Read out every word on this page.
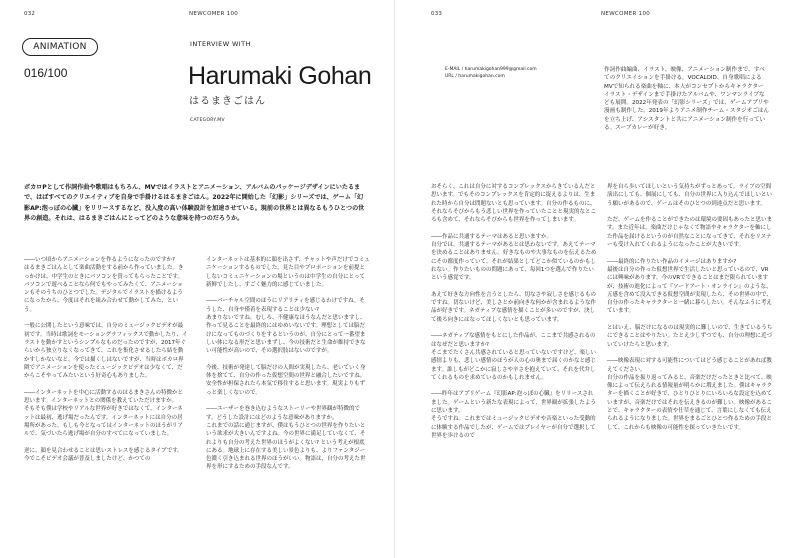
032	NEWCOMER 100
ANIMATION
016/100
INTERVIEW WITH
Harumaki Gohan
はるまきごはん
CATEGORY.MV

ボカロPとして作詞作曲や歌唱はもちろん、MVではイラストとアニメーション、アルバムのパッケージデザインにいたるまで、はばすべてのクリエイティブを自身で手掛けるはるまきごはん。2022年に開始した「幻影」シリーズでは、ゲーム「幻影AP:泡っぽの心臓」をリリースするなど、没入度の高い体験設計を加速させている。現前の世界とは異なるもうひとつの世界の創造。それは、はるまきごはんにとってどのような意味を持つのだろうか。

――いつ頃からアニメーションを作るようになったのですか?

はるまきごはんとして楽曲活動をする前から作っていました。きっかけは、中学生のときにパソコンを買ってもらったことです。パソコンで遊べることなら何でもやってみたくて、アニメーションもそのうちのひとつでした。デジタルでイラストを描けるようになったから、今度はそれを組み合わせて動かしてみた、という。

一般に公開したという意味では、自分のミュージックビデオが最初です。当時は歌詞をモーショングラフィックスで動かしたり、イラストを動かすというシンプルなものだったのですが、2017年ぐらいから独立りなくなってきて、これを集化させるしたら結を動かすしかないなと。今では描くしはないですが、当時はボカロ界隈でアニメーションを使ったミュージックビデオは少なくて、だからこそやってみたいという好奇心もありました。

――インターネットを中心に活動するのはるまきさんの特徴かと思います。インターネットとの関係を教えていただけますか。

そもそも僕は学校やリアルな世界が好きではなくて、インターネットは最初、逃げ場だったんです。インターネットには自分の居場所があった。もしも今となってはインターネットのほうがリアルで、気づいたら逃げ場が自分のすべてになっていました。

逆に、顔を見合わせることは思いストレスを感じるタイプです。今でこそビデオ会議が普及しましたけど、かつての

インターネットは基本的に顔を出さず、チャットや声だけでコミュニケーションするものでした。見た目やプロポーションを前提としないコミュニケーションの場というのは中学生の自分にとって新鮮でしたし、すごく魅力的に感じていました。

――バーチャル空間のほうにリアリティを感じるわけですね。そうした、自身や僅着を表現することは少ない?

あまりないですね。むしろ、不健康なほうなんだと思いますし、作って見ることを最終的にはゆめいないです。理想としては脳だけになってものづくりをするというのが、自分にとって一番望ましい体になる形だと思いまずし、今の技術だと生命が維持できない可能性が高いので、その選択肢はないのですが。

今後、技術が発達して脳だけの人間が実現したら、老いていく身体を捨てて、自分の作った仮想空間の世界と融合したいですね。安全性が担保されたら本気で移住すると思います。現実よりもずっと楽しくないので。

――ユーザーを巻き込むようなストーリーや世界観が特徴的です。どうした設計にはどのような意味がありますか。

これまでの話に通じますが、僕はもうひとつの世界を作りたいという欲求が大きいんですよね。今の世界に満足していなくて、それよりも自分の考えた世界のほうがよくない? という考えが根底にある。地球上に存在する美しい景色よりも、よりファンタジー色濃く引き込まれる世界のほうがいい。物語は、自分の考えた世界を形にするための手段なんです。

033	NEWCOMER 100
E-MAIL / harumakigohan999@gmail.com
URL / harumakigohan.com

作詞作曲編曲、イラスト、映像、アニメーション制作まで、すべてのクリエイションを手掛ける。VOCALOID、自身歌唱による MVで知られる楽曲を軸に、本人がコンセプトからキャラクターイラスト・デザインまで手掛けたアルバムや、ワンマンライブなども展開。2022年発表の「幻影シリーズ」では、ゲームアプリや漫画も制作した。2019年よりアニメ制作チーム・スタジオごはんを立ち上げ、アシスタントと共にアニメーション制作を行っている。スーブカレーが好き。

おそらく、これは自分に対するコンプレックスからきているんだと思います。でもそのコンプレックスを肯定的に捉えるよりは、生まれた時から自分は問題ないとも思っています。自分の作るものに、それならそびからもう悲しい世界を作っていたことと現実的なところも含めて、それならそびからも世界を作ってしまいます。

――作品に共通するテーマはあると思いますか。

自分では、共通するテーマがあるとは思わないです。あえてテーマを決めることはありません。好きなものや大事なものを伝えるためにその都度作っていて、それが結果としてどこか似ているのかもしれない。作りたいものの問題にあって、毎回1つを選んで作りたいという感覚です。

あえて好きな方向性を言うとしたら、切なさや寂しさを感じるものですね。切ないけど、美しさとか前向きな何かが含まれるような作品が好きです。ネガティブな感情を描くことが多いのですが、決して後ろ向きにはなってほしくないとも思っています。

――ネガティブな感情をもとにした作品が、ここまで共感されるのはなぜだと思いますか?

そこまでたくさん共感されていると思っていないですけど、楽しい感情よりも、悲しい感情のほうが人の心の奥まで届くのかなと感じます。誰しもがどこかに寂しさや辛さを抱えていて、それを代弁してくれるものを求めているのかもしれません。

――昨年はアプリゲーム『幻影AP:泡っぽの心臓』をリリースされました。ゲームという新たな表現によって、世界観が拡張したように思います。

そうですね。これまではミュージックビデオや音楽といった受動的に体験する作品でしたが、ゲームではプレイヤーが自分で選択して世界を歩けるので

界を自ら歩いてほしいという気持ちがずっとあって。ライブの空間演出にしても、個展にしても、自分の世界に入り込んでほしいという願いがあるので、ゲームはそのひとつの到達点だと思います。

ただ、ゲームを作ることができたのは環境の要因もあったと思います。また近年は、楽曲だけじゃなくて物語やキャラクターを軸にした作品を届けるというのが自然なことになってきて、それをリスナーも受け入れてくれるようになったことが大きいです。

――最終的に作りたい作品のイメージはありますか?

最後は自分の作った仮想世界で生活したいと思っているので、VRには興味があります。今のVRでできることはまだ限られていますが、技術の進化によって『ソードアート・オンライン』のような、五感を含めて没入できる仮想空間が実現したら、その世界の中で、自分の作ったキャラクターと一緒に暮らしたい。そんなふうに考えています。

とはいえ、脳だけになるのは現実的に難しいので、生きているうちにできることはやりたい。たとえ少しずつでも、自分の理想に近づいていけたらと思います。

――映像表現に対する可能性についてはどう感じることがあれば教えてください。

自分の作品を振り返ってみると、音楽だけだったときと比べて、映像によって伝えられる情報量が明らかに増えました。僕はキャラクターを描くことが好きで、ひとりひとりにいろいろな設定を込めていますが、音楽だけではそれを伝えきるのが難しい。映像があることで、キャラクターの表情や仕草を通じて、言葉にしなくても伝えられるようになりました。世界をまるごとひとつ作るための手段として、これからも映像の可能性を探っていきたいです。
